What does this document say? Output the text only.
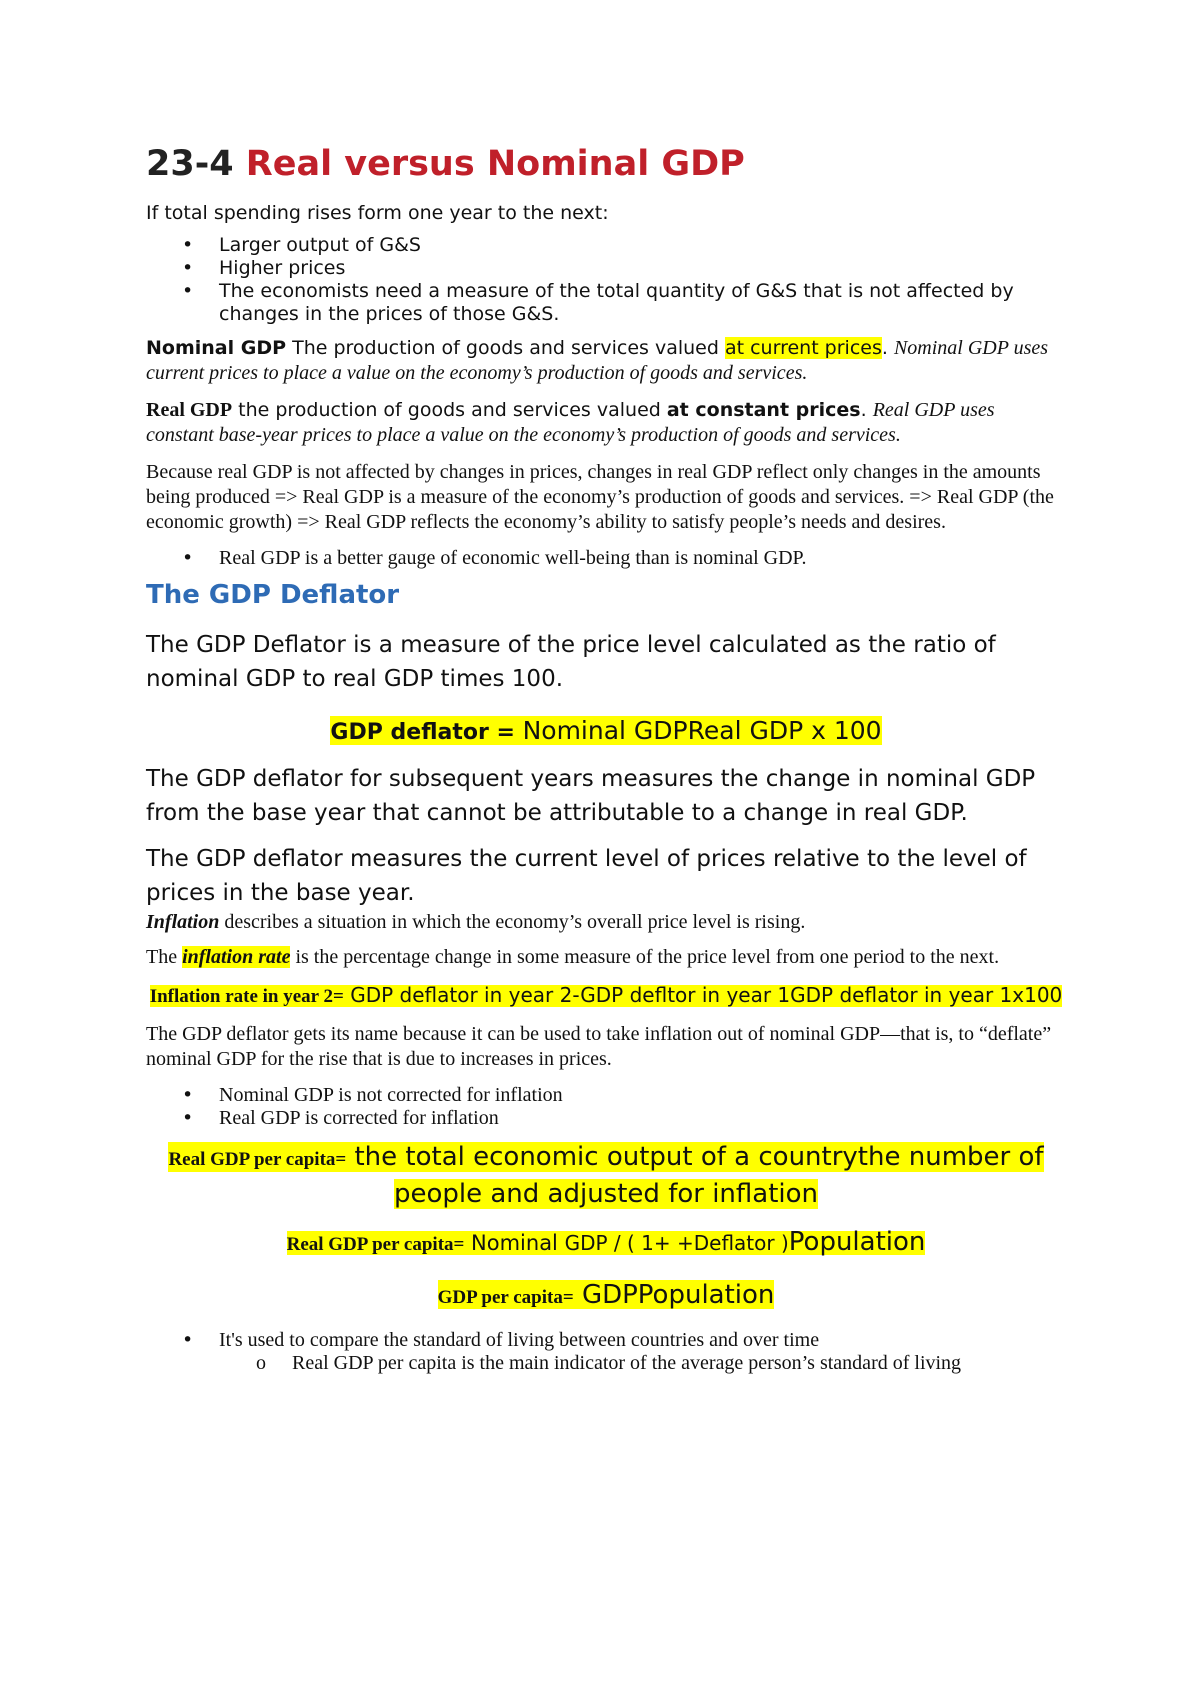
23-4 Real versus Nominal GDP

If total spending rises form one year to the next:

• Larger output of G&S
• Higher prices
• The economists need a measure of the total quantity of G&S that is not affected by changes in the prices of those G&S.

Nominal GDP The production of goods and services valued at current prices. Nominal GDP uses current prices to place a value on the economy’s production of goods and services.

Real GDP the production of goods and services valued at constant prices. Real GDP uses constant base-year prices to place a value on the economy’s production of goods and services.

Because real GDP is not affected by changes in prices, changes in real GDP reflect only changes in the amounts being produced => Real GDP is a measure of the economy’s production of goods and services. => Real GDP (the economic growth) => Real GDP reflects the economy’s ability to satisfy people’s needs and desires.

• Real GDP is a better gauge of economic well-being than is nominal GDP.
The GDP Deflator

The GDP Deflator is a measure of the price level calculated as the ratio of nominal GDP to real GDP times 100.

GDP deflator = Nominal GDPReal GDP x 100

The GDP deflator for subsequent years measures the change in nominal GDP from the base year that cannot be attributable to a change in real GDP.

The GDP deflator measures the current level of prices relative to the level of prices in the base year.

Inflation describes a situation in which the economy’s overall price level is rising.

The inflation rate is the percentage change in some measure of the price level from one period to the next.

Inflation rate in year 2= GDP deflator in year 2-GDP defltor in year 1GDP deflator in year 1x100

The GDP deflator gets its name because it can be used to take inflation out of nominal GDP—that is, to “deflate” nominal GDP for the rise that is due to increases in prices.

• Nominal GDP is not corrected for inflation
• Real GDP is corrected for inflation

Real GDP per capita= the total economic output of a countrythe number of people and adjusted for inflation

Real GDP per capita= Nominal GDP / ( 1+ +Deflator )Population

GDP per capita= GDPPopulation

• It's used to compare the standard of living between countries and over time
o Real GDP per capita is the main indicator of the average person’s standard of living
